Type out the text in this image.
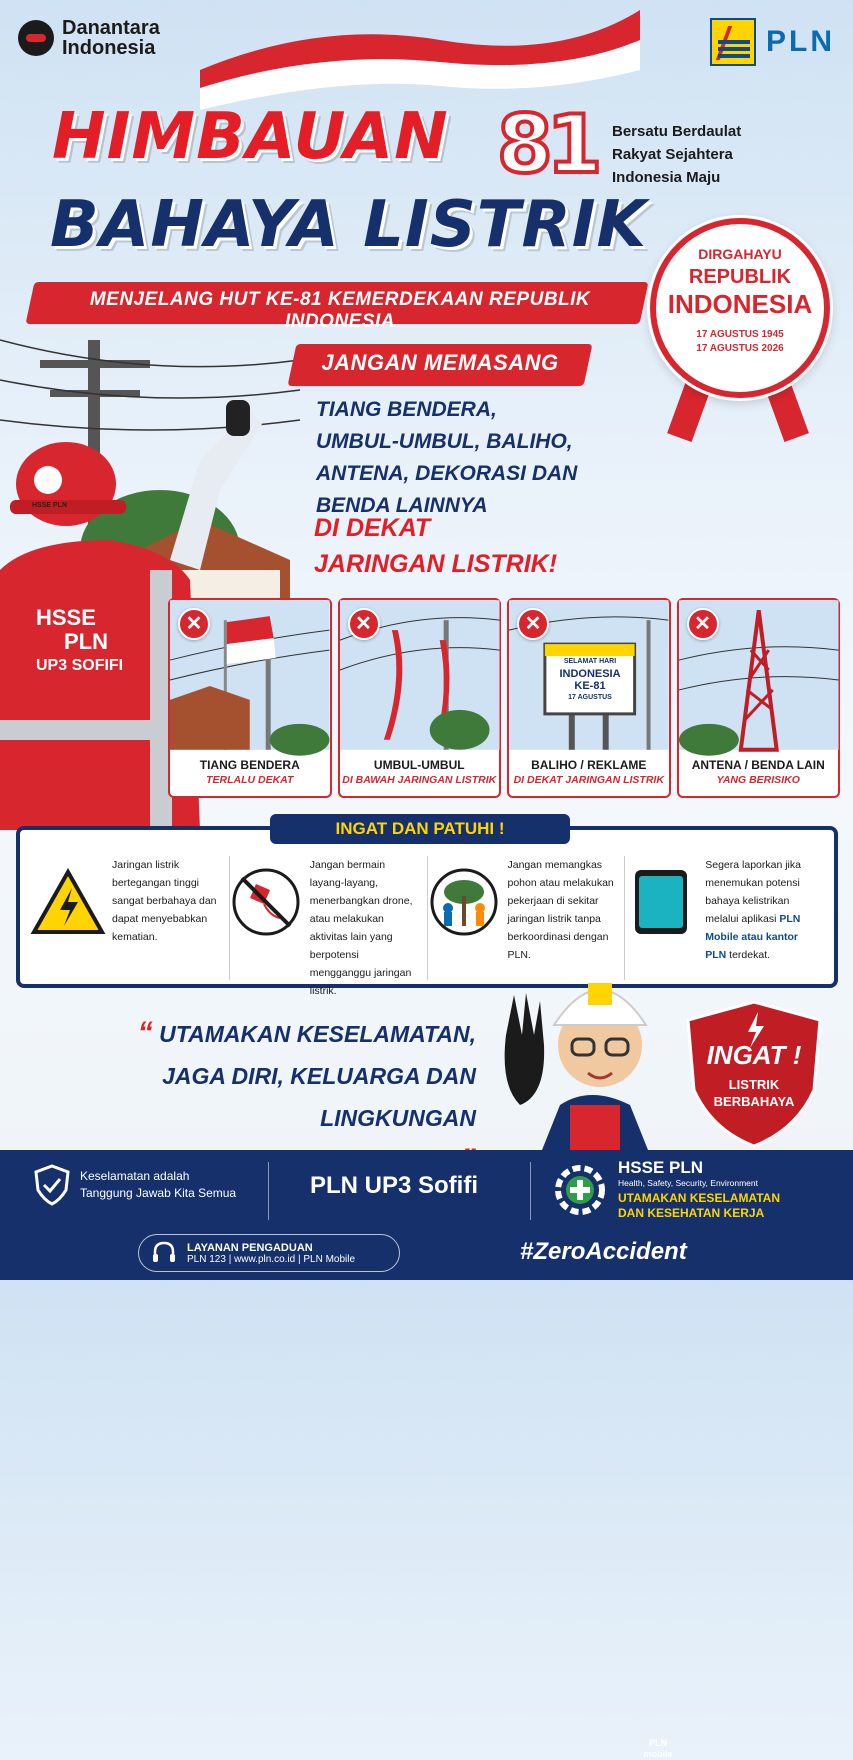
Danantara
Indonesia	PLN
HIMBAUAN 81 Bersatu Berdaulat
Rakyat Sejahtera
Indonesia Maju
BAHAYA LISTRIK
MENJELANG HUT KE-81 KEMERDEKAAN REPUBLIK INDONESIA
DIRGAHAYU
REPUBLIK
INDONESIA
17 AGUSTUS 1945
17 AGUSTUS 2026
HSSE
PLN
UP3 SOFIFI
HSSE PLN
JANGAN MEMASANG
TIANG BENDERA,
UMBUL-UMBUL, BALIHO,
ANTENA, DEKORASI DAN
BENDA LAINNYA
DI DEKAT
JARINGAN LISTRIK!
✕
TIANG BENDERA
TERLALU DEKAT
✕
UMBUL-UMBUL
DI BAWAH JARINGAN LISTRIK
SELAMAT HARI
INDONESIA
KE-81
17 AGUSTUS
✕
BALIHO / REKLAME
DI DEKAT JARINGAN LISTRIK
✕
ANTENA / BENDA LAIN
YANG BERISIKO
INGAT DAN PATUHI !
Jaringan listrik bertegangan tinggi sangat berbahaya dan dapat menyebabkan kematian.
Jangan bermain layang-layang, menerbangkan drone, atau melakukan aktivitas lain yang berpotensi mengganggu jaringan listrik.
Jangan memangkas pohon atau melakukan pekerjaan di sekitar jaringan listrik tanpa berkoordinasi dengan PLN.
PLN mobile
Segera laporkan jika menemukan potensi bahaya kelistrikan melalui aplikasi PLN Mobile atau kantor PLN terdekat.
“ UTAMAKAN KESELAMATAN,
JAGA DIRI, KELUARGA DAN LINGKUNGAN
INGAT !
LISTRIK
BERBAHAYA
Keselamatan adalah
Tanggung Jawab Kita Semua	PLN UP3 Sofifi
HSSE PLN
Health, Safety, Security, Environment
UTAMAKAN KESELAMATAN
DAN KESEHATAN KERJA
LAYANAN PENGADUAN
PLN 123 | www.pln.co.id | PLN Mobile	#ZeroAccident
